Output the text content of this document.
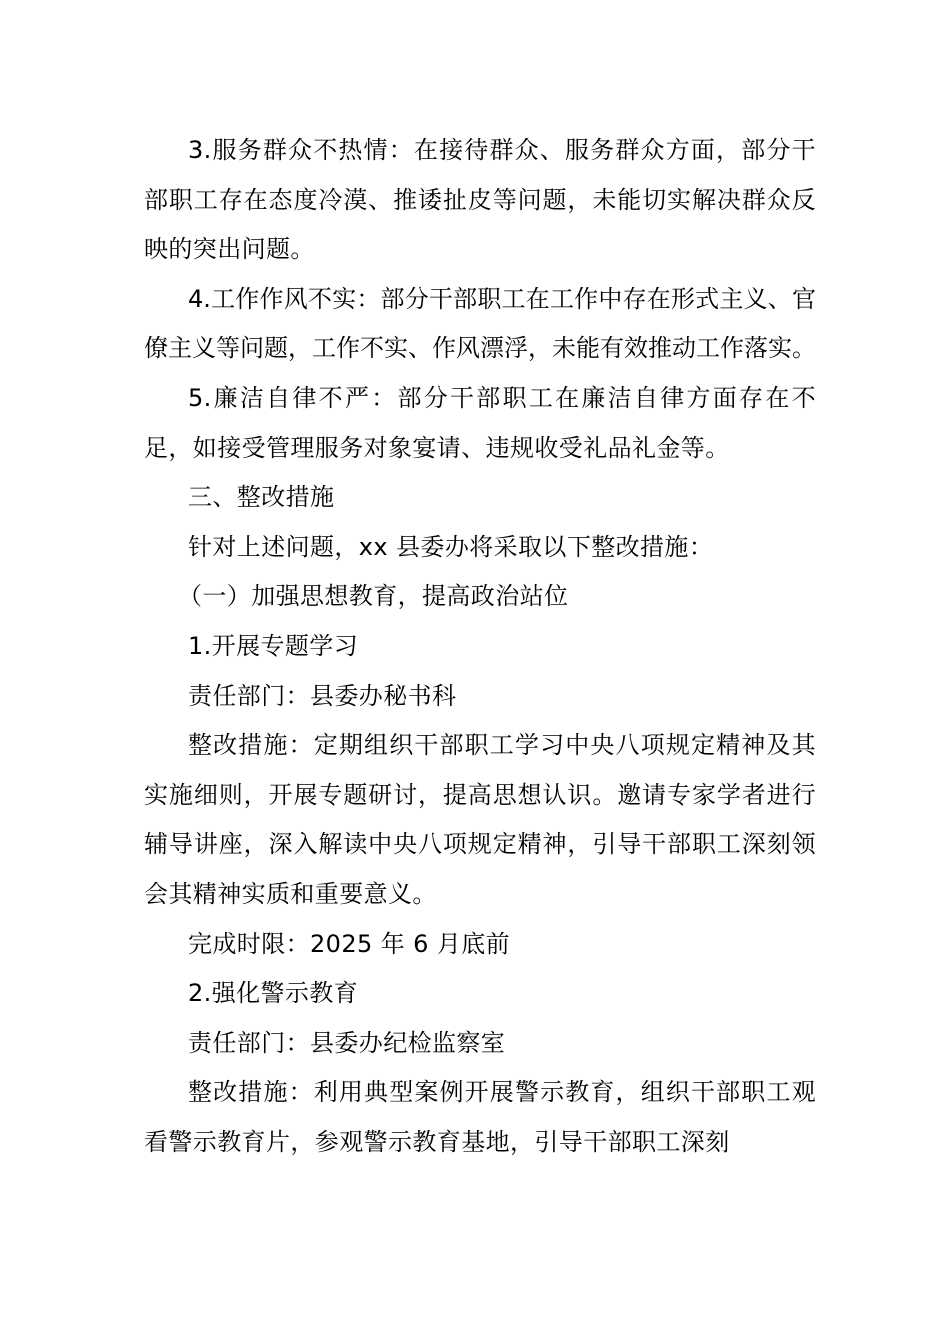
3.服务群众不热情：在接待群众、服务群众方面，部分干部职工存在态度冷漠、推诿扯皮等问题，未能切实解决群众反映的突出问题。

4.工作作风不实：部分干部职工在工作中存在形式主义、官僚主义等问题，工作不实、作风漂浮，未能有效推动工作落实。

5.廉洁自律不严：部分干部职工在廉洁自律方面存在不足，如接受管理服务对象宴请、违规收受礼品礼金等。

三、整改措施

针对上述问题，xx 县委办将采取以下整改措施：

（一）加强思想教育，提高政治站位

1.开展专题学习

责任部门：县委办秘书科

整改措施：定期组织干部职工学习中央八项规定精神及其实施细则，开展专题研讨，提高思想认识。邀请专家学者进行辅导讲座，深入解读中央八项规定精神，引导干部职工深刻领会其精神实质和重要意义。

完成时限：2025 年 6 月底前

2.强化警示教育

责任部门：县委办纪检监察室

整改措施：利用典型案例开展警示教育，组织干部职工观看警示教育片，参观警示教育基地，引导干部职工深刻
